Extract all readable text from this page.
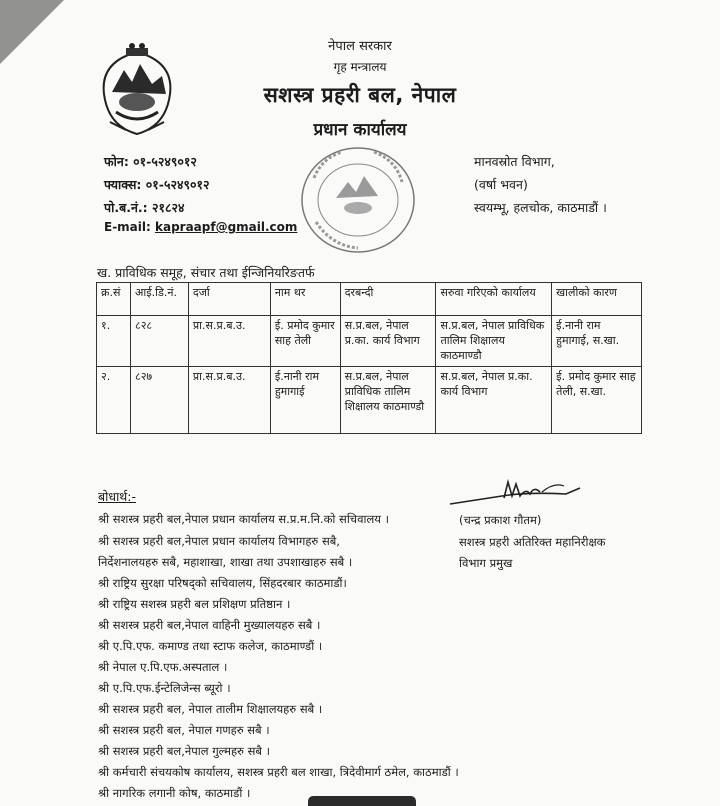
नेपाल सरकार
गृह मन्त्रालय
सशस्त्र प्रहरी बल, नेपाल
प्रधान कार्यालय
फोन: ०१-५२४९०१२
फ्याक्स: ०१-५२४९०१२
पो.ब.नं.: २१८२४
E-mail: kapraapf@gmail.com
मानवस्रोत विभाग,
(वर्षा भवन)
स्वयम्भू, हलचोक, काठमाडौं ।
ख. प्राविधिक समूह, संचार तथा ईन्जिनियरिङतर्फ
क्र.सं	आई.डि.नं.	दर्जा	नाम थर	दरबन्दी	सरुवा गरिएको कार्यालय	खालीको कारण
१.	८२८	प्रा.स.प्र.ब.उ.	ई. प्रमोद कुमार साह तेली	स.प्र.बल, नेपाल प्र.का. कार्य विभाग	स.प्र.बल, नेपाल प्राविधिक तालिम शिक्षालय काठमाण्डौ	ई.नानी राम हुमागाई, स.खा.
२.	८२७	प्रा.स.प्र.ब.उ.	ई.नानी राम हुमागाई	स.प्र.बल, नेपाल प्राविधिक तालिम शिक्षालय काठमाण्डौ	स.प्र.बल, नेपाल प्र.का. कार्य विभाग	ई. प्रमोद कुमार साह तेली, स.खा.
बोधार्थ:-
श्री सशस्त्र प्रहरी बल,नेपाल प्रधान कार्यालय स.प्र.म.नि.को सचिवालय ।
श्री सशस्त्र प्रहरी बल,नेपाल प्रधान कार्यालय विभागहरु सबै,
निर्देशनालयहरु सबै, महाशाखा, शाखा तथा उपशाखाहरु सबै ।
श्री राष्ट्रिय सुरक्षा परिषद्को सचिवालय, सिंहदरबार काठमाडौं।
श्री राष्ट्रिय सशस्त्र प्रहरी बल प्रशिक्षण प्रतिष्ठान ।
श्री सशस्त्र प्रहरी बल,नेपाल वाहिनी मुख्यालयहरु सबै ।
श्री ए.पि.एफ. कमाण्ड तथा स्टाफ कलेज, काठमाण्डौं ।
श्री नेपाल ए.पि.एफ.अस्पताल ।
श्री ए.पि.एफ.ईन्टेलिजेन्स ब्यूरो ।
श्री सशस्त्र प्रहरी बल, नेपाल तालीम शिक्षालयहरु सबै ।
श्री सशस्त्र प्रहरी बल, नेपाल गणहरु सबै ।
श्री सशस्त्र प्रहरी बल,नेपाल गुल्महरु सबै ।
श्री कर्मचारी संचयकोष कार्यालय, सशस्त्र प्रहरी बल शाखा, त्रिदेवीमार्ग ठमेल, काठमाडौं ।
श्री नागरिक लगानी कोष, काठमाडौं ।
(चन्द्र प्रकाश गौतम)
सशस्त्र प्रहरी अतिरिक्त महानिरीक्षक
विभाग प्रमुख
